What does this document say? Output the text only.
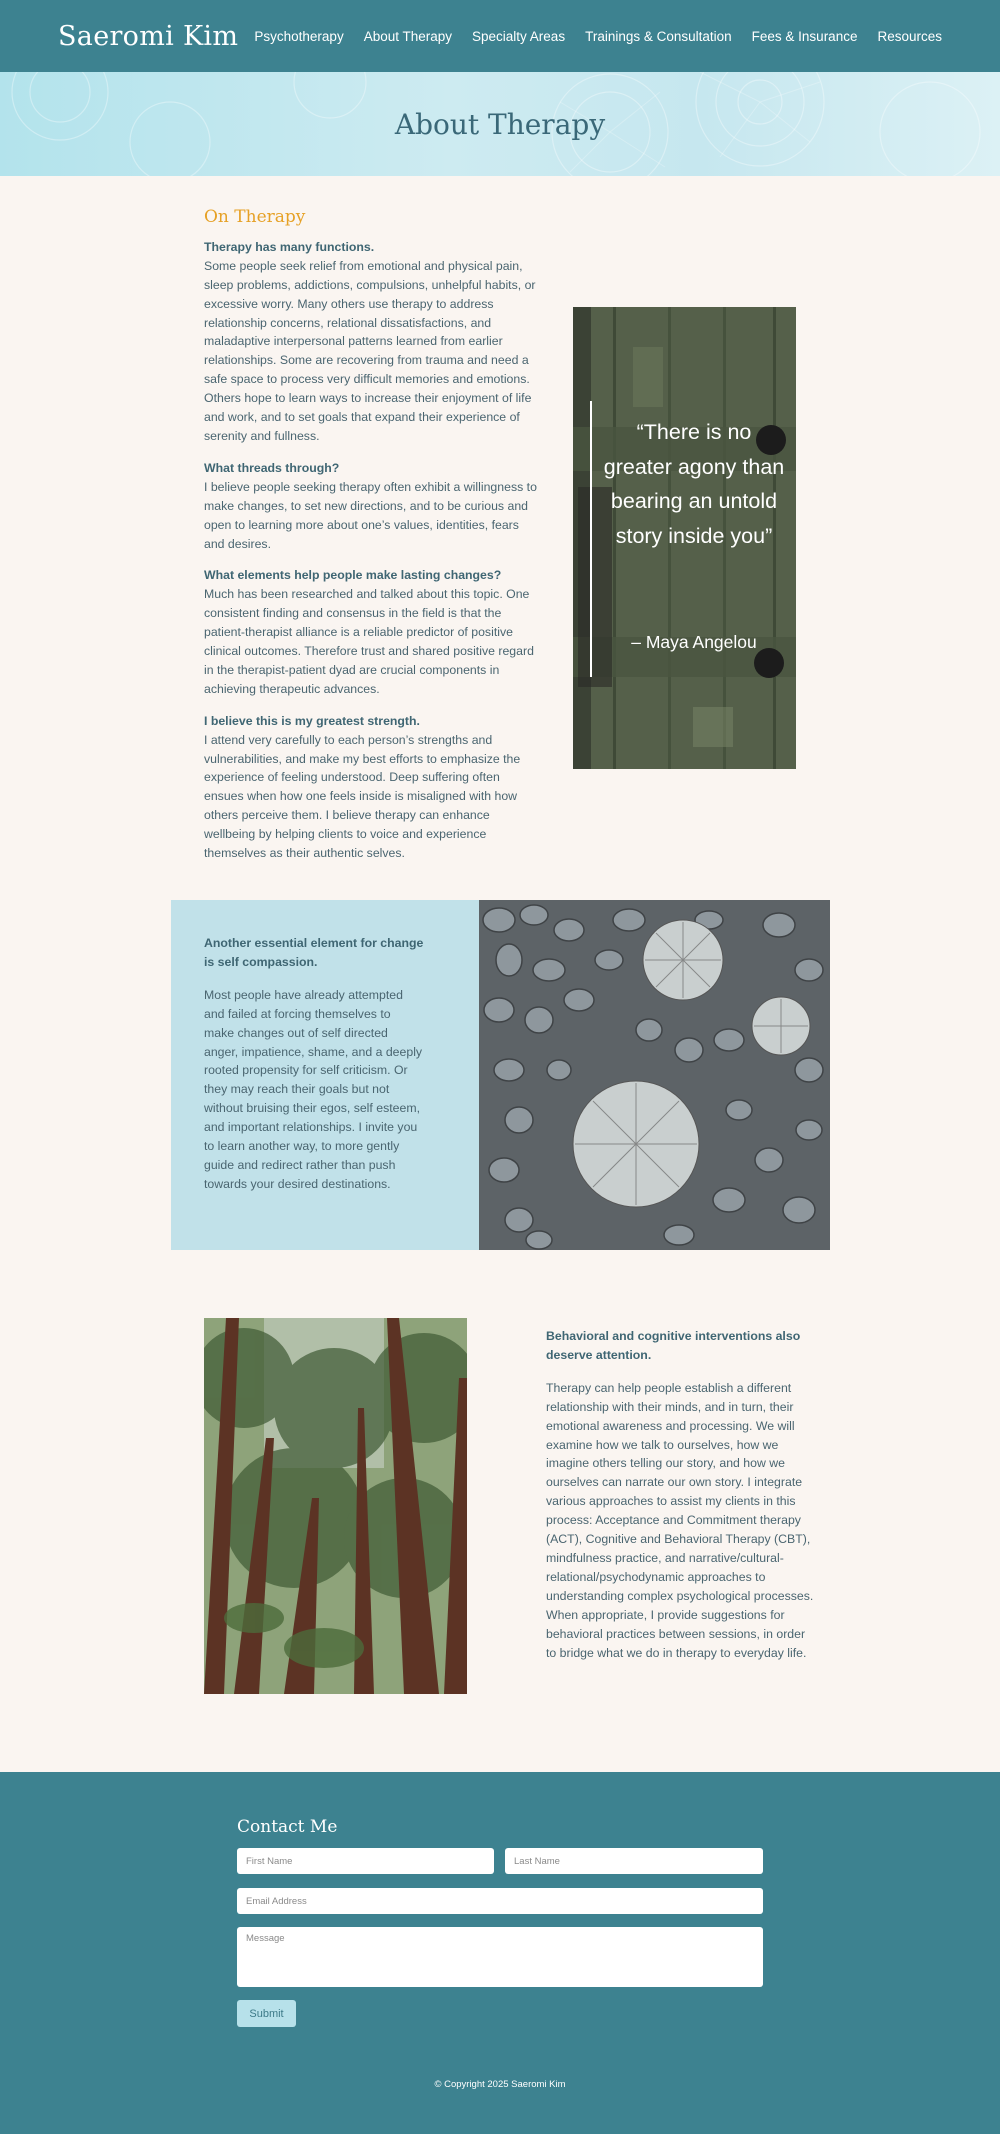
Saeromi Kim Psychotherapy About Therapy Specialty Areas Trainings & Consultation Fees & Insurance Resources
About Therapy
On Therapy
Therapy has many functions.
Some people seek relief from emotional and physical pain, sleep problems, addictions, compulsions, unhelpful habits, or excessive worry. Many others use therapy to address relationship concerns, relational dissatisfactions, and maladaptive interpersonal patterns learned from earlier relationships. Some are recovering from trauma and need a safe space to process very difficult memories and emotions. Others hope to learn ways to increase their enjoyment of life and work, and to set goals that expand their experience of serenity and fullness.
What threads through?
I believe people seeking therapy often exhibit a willingness to make changes, to set new directions, and to be curious and open to learning more about one’s values, identities, fears and desires.
What elements help people make lasting changes?
Much has been researched and talked about this topic. One consistent finding and consensus in the field is that the patient-therapist alliance is a reliable predictor of positive clinical outcomes. Therefore trust and shared positive regard in the therapist-patient dyad are crucial components in achieving therapeutic advances.
I believe this is my greatest strength.
I attend very carefully to each person’s strengths and vulnerabilities, and make my best efforts to emphasize the experience of feeling understood. Deep suffering often ensues when how one feels inside is misaligned with how others perceive them. I believe therapy can enhance wellbeing by helping clients to voice and experience themselves as their authentic selves.
“There is no greater agony than bearing an untold story inside you”
– Maya Angelou
Another essential element for change is self compassion.
Most people have already attempted and failed at forcing themselves to make changes out of self directed anger, impatience, shame, and a deeply rooted propensity for self criticism. Or they may reach their goals but not without bruising their egos, self esteem, and important relationships. I invite you to learn another way, to more gently guide and redirect rather than push towards your desired destinations.
Behavioral and cognitive interventions also deserve attention.
Therapy can help people establish a different relationship with their minds, and in turn, their emotional awareness and processing. We will examine how we talk to ourselves, how we imagine others telling our story, and how we ourselves can narrate our own story. I integrate various approaches to assist my clients in this process: Acceptance and Commitment therapy (ACT), Cognitive and Behavioral Therapy (CBT), mindfulness practice, and narrative/cultural-relational/psychodynamic approaches to understanding complex psychological processes. When appropriate, I provide suggestions for behavioral practices between sessions, in order to bridge what we do in therapy to everyday life.
Contact Me
First Name
Last Name
Email Address
Message
Submit
© Copyright 2025 Saeromi Kim
